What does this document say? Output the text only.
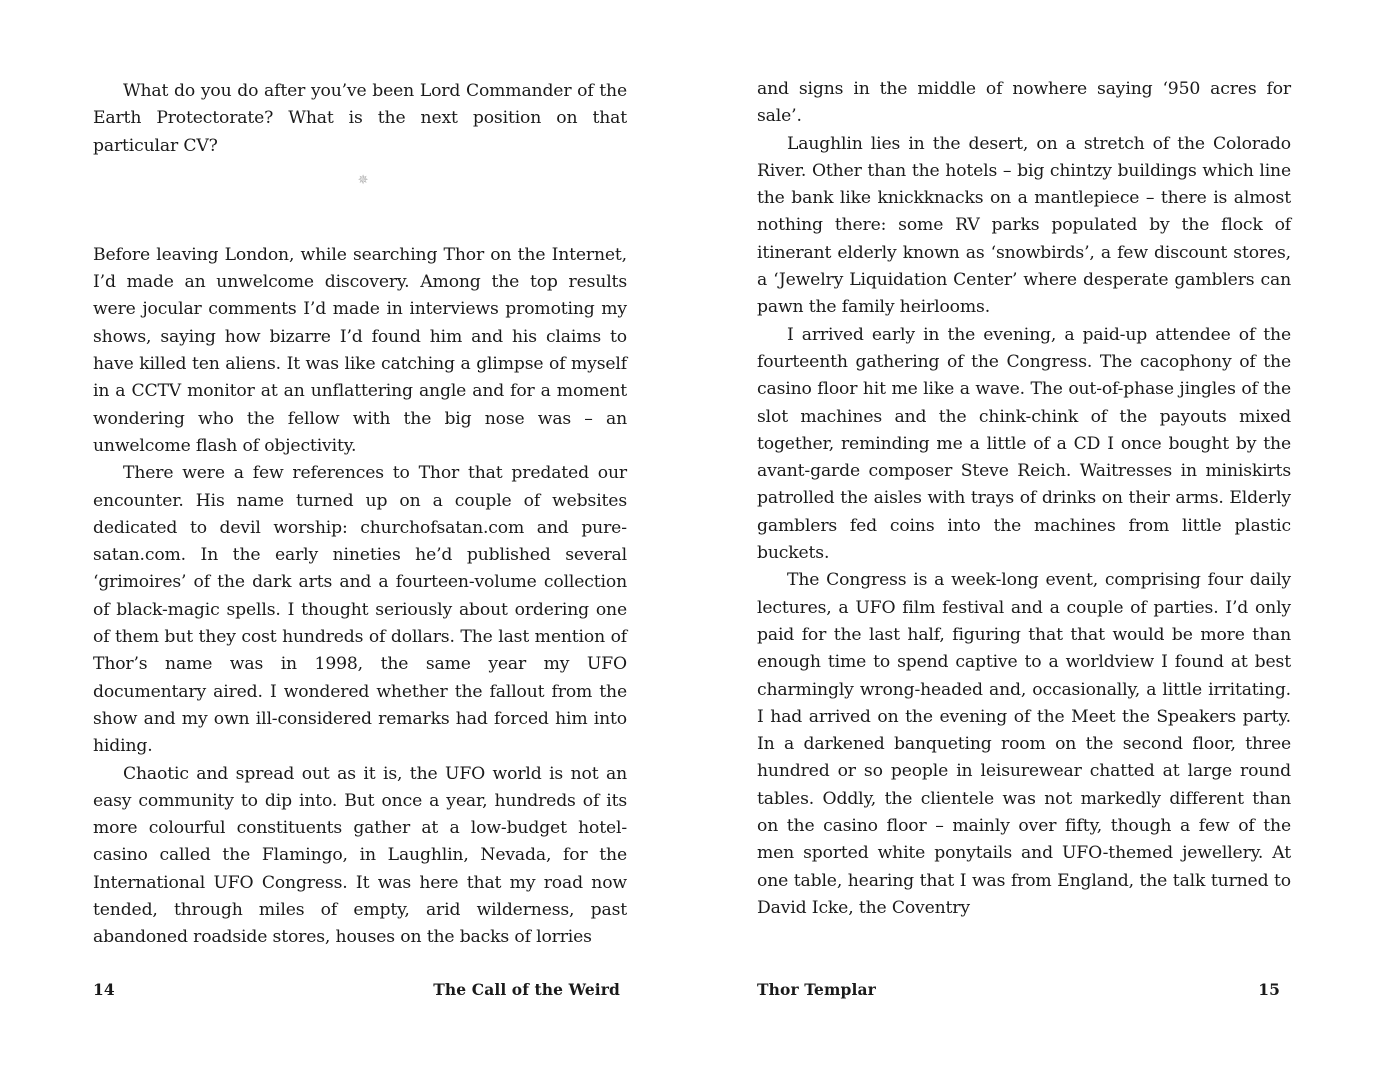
What do you do after you’ve been Lord Commander of the Earth Protectorate? What is the next position on that particular CV?

✵

Before leaving London, while searching Thor on the Internet, I’d made an unwelcome discovery. Among the top results were jocular comments I’d made in interviews promoting my shows, saying how bizarre I’d found him and his claims to have killed ten aliens. It was like catching a glimpse of myself in a CCTV monitor at an unflattering angle and for a moment wondering who the fellow with the big nose was – an unwelcome flash of objectivity.

There were a few references to Thor that predated our encounter. His name turned up on a couple of websites dedicated to devil worship: churchofsatan.com and puresatan.com. In the early nineties he’d published several ‘grimoires’ of the dark arts and a fourteen-volume collection of black-magic spells. I thought seriously about ordering one of them but they cost hundreds of dollars. The last mention of Thor’s name was in 1998, the same year my UFO documentary aired. I wondered whether the fallout from the show and my own ill-considered remarks had forced him into hiding.

Chaotic and spread out as it is, the UFO world is not an easy community to dip into. But once a year, hundreds of its more colourful constituents gather at a low-budget hotel-casino called the Flamingo, in Laughlin, Nevada, for the International UFO Congress. It was here that my road now tended, through miles of empty, arid wilderness, past abandoned roadside stores, houses on the backs of lorries

14	The Call of the Weird

and signs in the middle of nowhere saying ‘950 acres for sale’.

Laughlin lies in the desert, on a stretch of the Colorado River. Other than the hotels – big chintzy buildings which line the bank like knickknacks on a mantlepiece – there is almost nothing there: some RV parks populated by the flock of itinerant elderly known as ‘snowbirds’, a few discount stores, a ‘Jewelry Liquidation Center’ where desperate gamblers can pawn the family heirlooms.

I arrived early in the evening, a paid-up attendee of the fourteenth gathering of the Congress. The cacophony of the casino floor hit me like a wave. The out-of-phase jingles of the slot machines and the chink-chink of the payouts mixed together, reminding me a little of a CD I once bought by the avant-garde composer Steve Reich. Waitresses in miniskirts patrolled the aisles with trays of drinks on their arms. Elderly gamblers fed coins into the machines from little plastic buckets.

The Congress is a week-long event, comprising four daily lectures, a UFO film festival and a couple of parties. I’d only paid for the last half, figuring that that would be more than enough time to spend captive to a worldview I found at best charmingly wrong-headed and, occasionally, a little irritating. I had arrived on the evening of the Meet the Speakers party. In a darkened banqueting room on the second floor, three hundred or so people in leisurewear chatted at large round tables. Oddly, the clientele was not markedly different than on the casino floor – mainly over fifty, though a few of the men sported white ponytails and UFO-themed jewellery. At one table, hearing that I was from England, the talk turned to David Icke, the Coventry

Thor Templar	15
